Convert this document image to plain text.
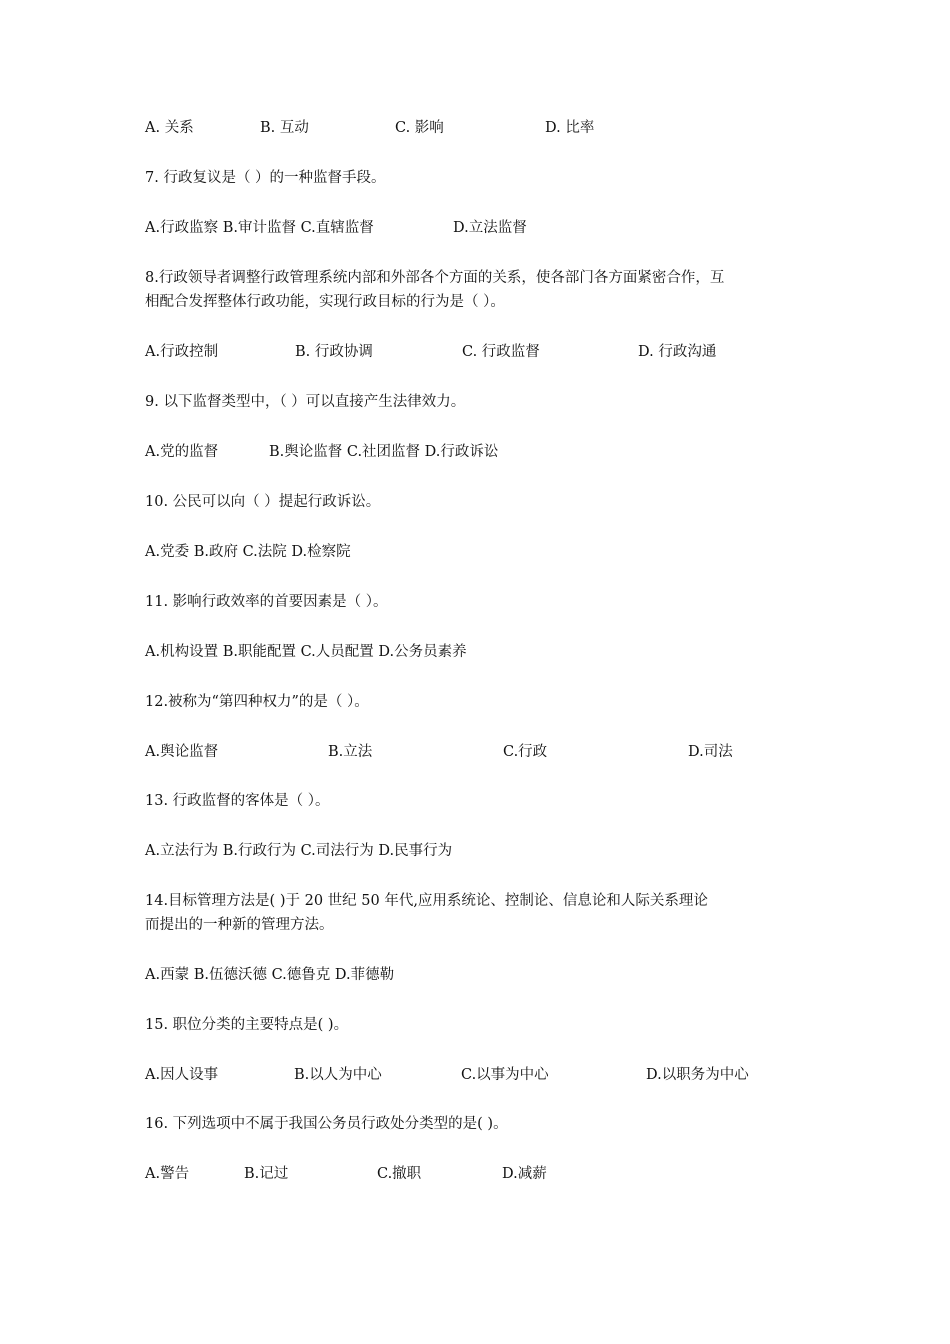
A. 关系	B. 互动	C. 影响	D. 比率
7. 行政复议是（ ）的一种监督手段。
A.行政监察 B.审计监督 C.直辖监督	D.立法监督
8.行政领导者调整行政管理系统内部和外部各个方面的关系，使各部门各方面紧密合作，互
相配合发挥整体行政功能，实现行政目标的行为是（ ）。
A.行政控制	B. 行政协调	C. 行政监督	D. 行政沟通
9. 以下监督类型中，（ ）可以直接产生法律效力。
A.党的监督	B.舆论监督 C.社团监督 D.行政诉讼
10. 公民可以向（ ）提起行政诉讼。
A.党委 B.政府 C.法院 D.检察院
11. 影响行政效率的首要因素是（ ）。
A.机构设置 B.职能配置 C.人员配置 D.公务员素养
12.被称为“第四种权力”的是（ ）。
A.舆论监督	B.立法	C.行政	D.司法
13. 行政监督的客体是（ ）。
A.立法行为 B.行政行为 C.司法行为 D.民事行为
14.目标管理方法是( )于 20 世纪 50 年代,应用系统论、控制论、信息论和人际关系理论
而提出的一种新的管理方法。
A.西蒙 B.伍德沃德 C.德鲁克 D.菲德勒
15. 职位分类的主要特点是( )。
A.因人设事	B.以人为中心	C.以事为中心	D.以职务为中心
16. 下列选项中不属于我国公务员行政处分类型的是( )。
A.警告	B.记过	C.撤职	D.减薪
